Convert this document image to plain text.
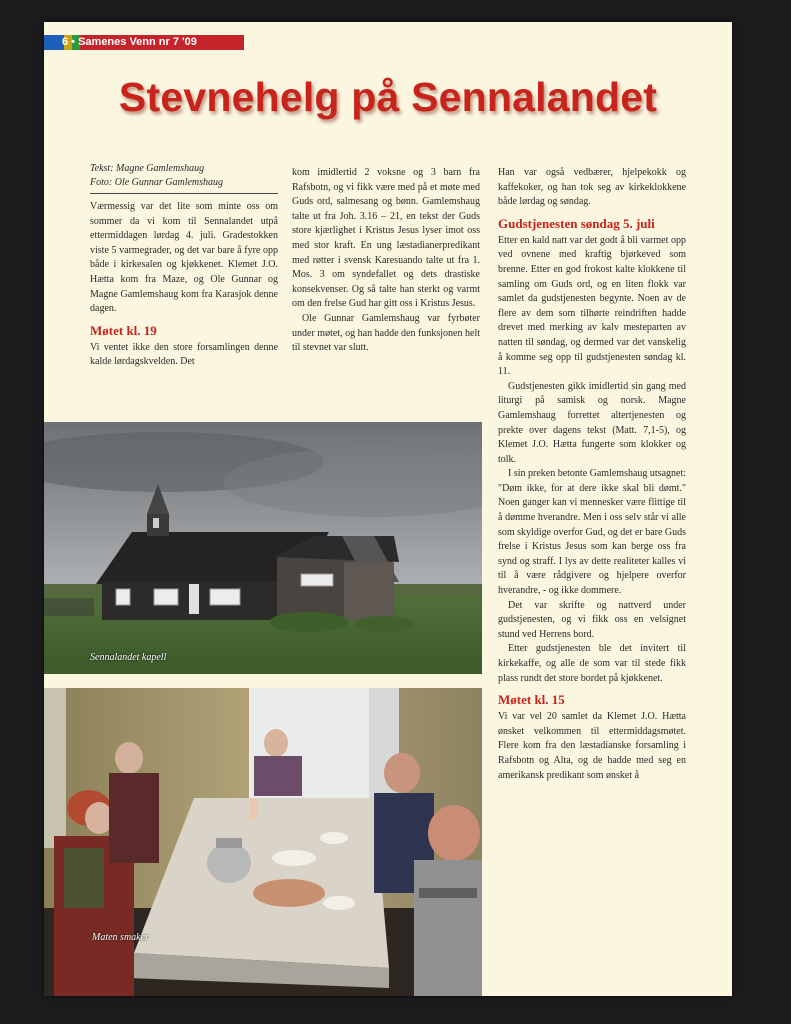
6 • Samenes Venn nr 7 '09
Stevnehelg på Sennalandet
Tekst: Magne Gamlemshaug
Foto: Ole Gunnar Gamlemshaug

Værmessig var det lite som minte oss om sommer da vi kom til Sennalandet utpå ettermiddagen lørdag 4. juli. Gradestokken viste 5 varmegrader, og det var bare å fyre opp både i kirkesalen og kjøkkenet. Klemet J.O. Hætta kom fra Maze, og Ole Gunnar og Magne Gamlemshaug kom fra Karasjok denne dagen.

Møtet kl. 19

Vi ventet ikke den store forsamlingen denne kalde lørdagskvelden. Det

kom imidlertid 2 voksne og 3 barn fra Rafsbotn, og vi fikk være med på et møte med Guds ord, salmesang og bønn. Gamlemshaug talte ut fra Joh. 3.16 – 21, en tekst der Guds store kjærlighet i Kristus Jesus lyser imot oss med stor kraft. En ung læstadianerpredikant med røtter i svensk Karesuando talte ut fra 1. Mos. 3 om syndefallet og dets drastiske konsekvenser. Og så talte han sterkt og varmt om den frelse Gud har gitt oss i Kristus Jesus.

Ole Gunnar Gamlemshaug var fyrbøter under møtet, og han hadde den funksjonen helt til stevnet var slutt.

Han var også vedbærer, hjelpekokk og kaffekoker, og han tok seg av kirkeklokkene både lørdag og søndag.

Gudstjenesten søndag 5. juli

Etter en kald natt var det godt å bli varmet opp ved ovnene med kraftig bjørkeved som brenne. Etter en god frokost kalte klokkene til samling om Guds ord, og en liten flokk var samlet da gudstjenesten begynte. Noen av de flere av dem som tilhørte reindriften hadde drevet med merking av kalv mesteparten av natten til søndag, og dermed var det vanskelig å komme seg opp til gudstjenesten søndag kl. 11.

Gudstjenesten gikk imidlertid sin gang med liturgi på samisk og norsk. Magne Gamlemshaug forrettet altertjenesten og prekte over dagens tekst (Matt. 7,1-5), og Klemet J.O. Hætta fungerte som klokker og tolk.

I sin preken betonte Gamlemshaug utsagnet: "Døm ikke, for at dere ikke skal bli dømt." Noen ganger kan vi mennesker være flittige til å dømme hverandre. Men i oss selv står vi alle som skyldige overfor Gud, og det er bare Guds frelse i Kristus Jesus som kan berge oss fra synd og straff. I lys av dette realiteter kalles vi til å være rådgivere og hjelpere overfor hverandre, - og ikke dommere.

Det var skrifte og nattverd under gudstjenesten, og vi fikk oss en velsignet stund ved Herrens bord.

Etter gudstjenesten ble det invitert til kirkekaffe, og alle de som var til stede fikk plass rundt det store bordet på kjøkkenet.

Møtet kl. 15

Vi var vel 20 samlet da Klemet J.O. Hætta ønsket velkommen til ettermiddagsmøtet. Flere kom fra den læstadianske forsamling i Rafsbotn og Alta, og de hadde med seg en amerikansk predikant som ønsket å

Sennalandet kapell
Maten smaker
